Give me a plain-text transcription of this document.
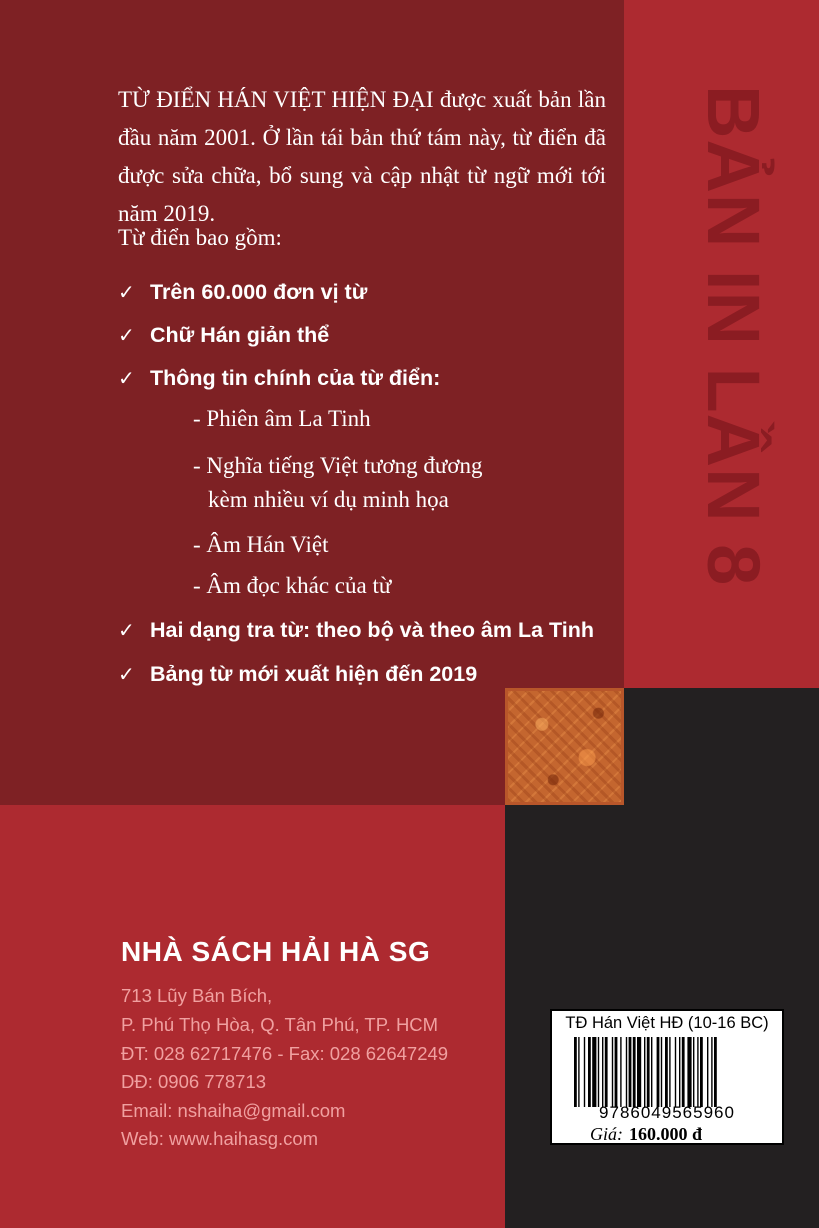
BẢN IN LẦN 8

TỪ ĐIỂN HÁN VIỆT HIỆN ĐẠI được xuất bản lần đầu năm 2001. Ở lần tái bản thứ tám này, từ điển đã được sửa chữa, bổ sung và cập nhật từ ngữ mới tới năm 2019.

Từ điển bao gồm:

✓ Trên 60.000 đơn vị từ
✓ Chữ Hán giản thể
✓ Thông tin chính của từ điển:

- Phiên âm La Tinh

- Nghĩa tiếng Việt tương đương

kèm nhiều ví dụ minh họa

- Âm Hán Việt

- Âm đọc khác của từ

✓ Hai dạng tra từ: theo bộ và theo âm La Tinh
✓ Bảng từ mới xuất hiện đến 2019

NHÀ SÁCH HẢI HÀ SG

713 Lũy Bán Bích,

P. Phú Thọ Hòa, Q. Tân Phú, TP. HCM

ĐT: 028 62717476 - Fax: 028 62647249

DĐ: 0906 778713

Email: nshaiha@gmail.com

Web: www.haihasg.com

TĐ Hán Việt HĐ (10-16 BC)

9786049565960

Giá: 160.000 đ
